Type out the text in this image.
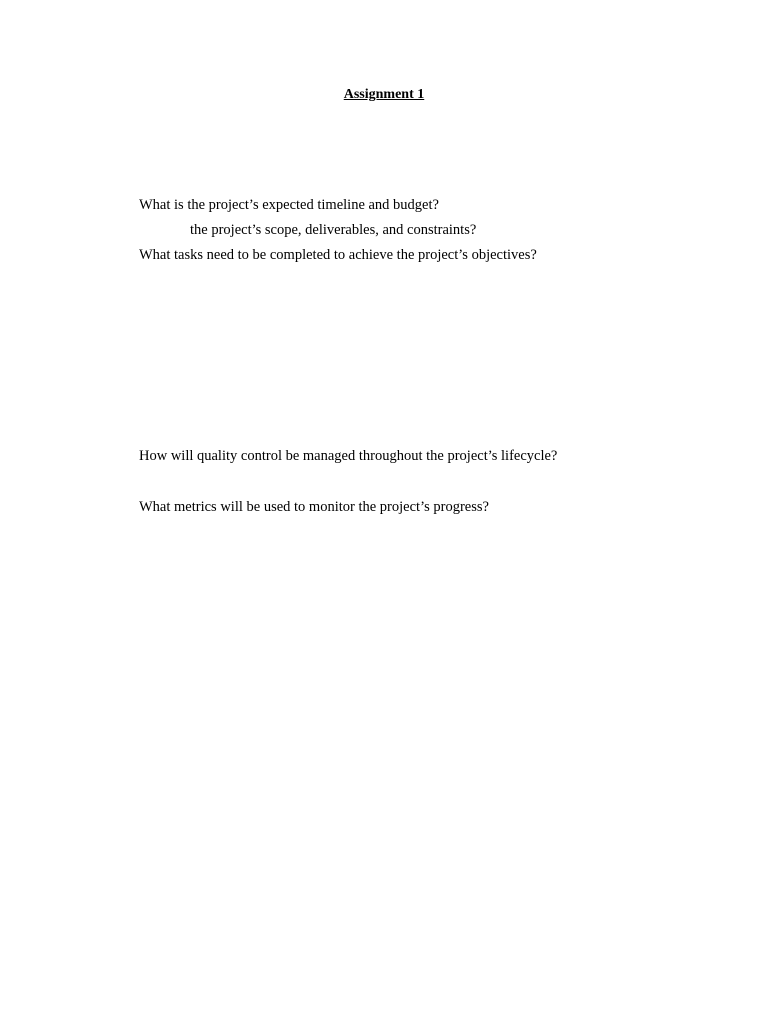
Assignment 1
What is the project’s expected timeline and budget?
the project’s scope, deliverables, and constraints?
What tasks need to be completed to achieve the project’s objectives?
How will quality control be managed throughout the project’s lifecycle?
What metrics will be used to monitor the project’s progress?
